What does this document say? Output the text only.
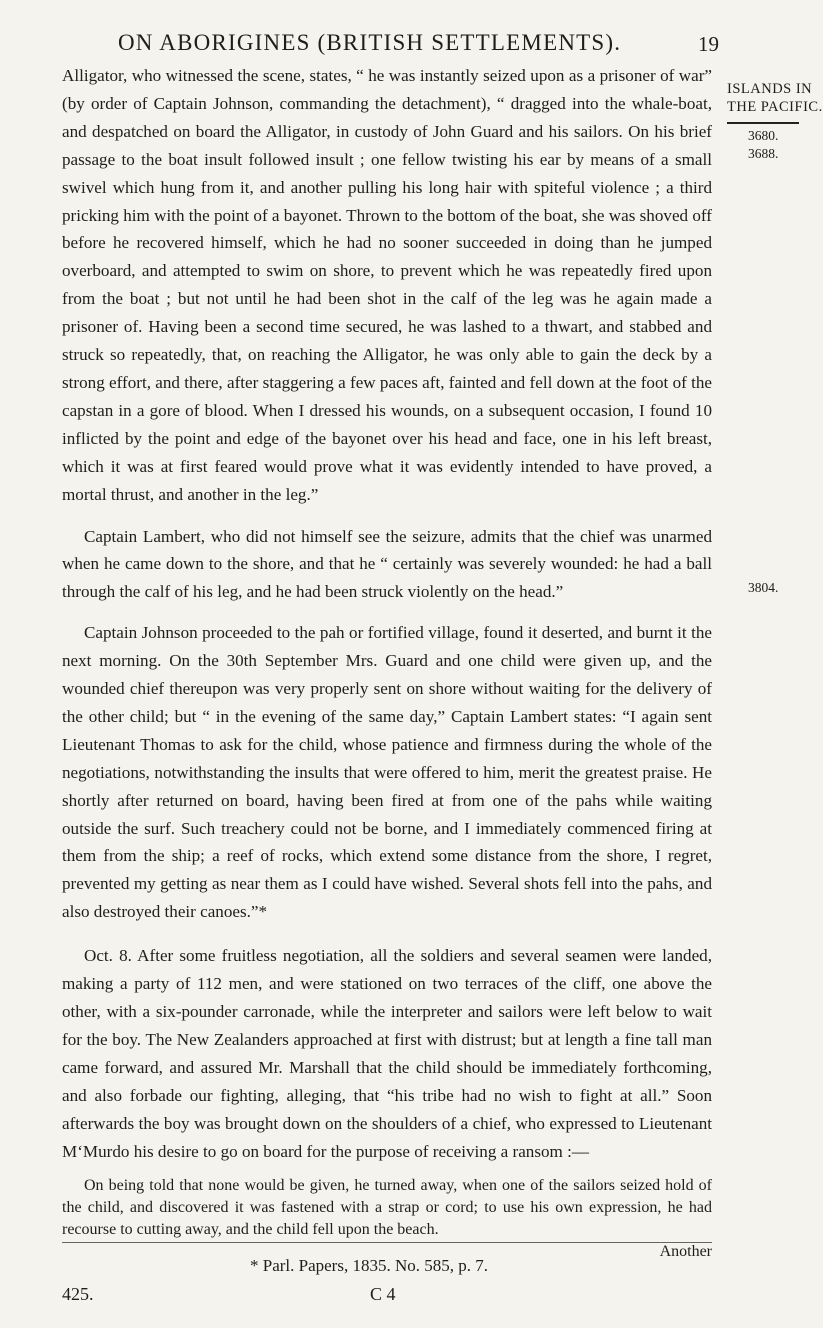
ON ABORIGINES (BRITISH SETTLEMENTS).	19

Alligator, who witnessed the scene, states, “ he was instantly seized upon as a prisoner of war” (by order of Captain Johnson, commanding the detachment), “ dragged into the whale-boat, and despatched on board the Alligator, in custody of John Guard and his sailors. On his brief passage to the boat insult followed insult ; one fellow twisting his ear by means of a small swivel which hung from it, and another pulling his long hair with spiteful violence ; a third pricking him with the point of a bayonet. Thrown to the bottom of the boat, she was shoved off before he recovered himself, which he had no sooner succeeded in doing than he jumped overboard, and attempted to swim on shore, to prevent which he was repeatedly fired upon from the boat ; but not until he had been shot in the calf of the leg was he again made a prisoner of. Having been a second time secured, he was lashed to a thwart, and stabbed and struck so repeatedly, that, on reaching the Alligator, he was only able to gain the deck by a strong effort, and there, after staggering a few paces aft, fainted and fell down at the foot of the capstan in a gore of blood. When I dressed his wounds, on a subsequent occasion, I found 10 inflicted by the point and edge of the bayonet over his head and face, one in his left breast, which it was at first feared would prove what it was evidently intended to have proved, a mortal thrust, and another in the leg.”

Captain Lambert, who did not himself see the seizure, admits that the chief was unarmed when he came down to the shore, and that he “ certainly was severely wounded: he had a ball through the calf of his leg, and he had been struck violently on the head.”

Captain Johnson proceeded to the pah or fortified village, found it deserted, and burnt it the next morning. On the 30th September Mrs. Guard and one child were given up, and the wounded chief thereupon was very properly sent on shore without waiting for the delivery of the other child; but “ in the evening of the same day,” Captain Lambert states: “I again sent Lieutenant Thomas to ask for the child, whose patience and firmness during the whole of the negotiations, notwithstanding the insults that were offered to him, merit the greatest praise. He shortly after returned on board, having been fired at from one of the pahs while waiting outside the surf. Such treachery could not be borne, and I immediately commenced firing at them from the ship; a reef of rocks, which extend some distance from the shore, I regret, prevented my getting as near them as I could have wished. Several shots fell into the pahs, and also destroyed their canoes.”*

Oct. 8. After some fruitless negotiation, all the soldiers and several seamen were landed, making a party of 112 men, and were stationed on two terraces of the cliff, one above the other, with a six-pounder carronade, while the interpreter and sailors were left below to wait for the boy. The New Zealanders approached at first with distrust; but at length a fine tall man came forward, and assured Mr. Marshall that the child should be immediately forthcoming, and also forbade our fighting, alleging, that “his tribe had no wish to fight at all.” Soon afterwards the boy was brought down on the shoulders of a chief, who expressed to Lieutenant M‘Murdo his desire to go on board for the purpose of receiving a ransom :—

On being told that none would be given, he turned away, when one of the sailors seized hold of the child, and discovered it was fastened with a strap or cord; to use his own expression, he had recourse to cutting away, and the child fell upon the beach.
Another

ISLANDS IN
THE PACIFIC.
3680.
3688.
3804.
* Parl. Papers, 1835. No. 585, p. 7.
425.	C 4
